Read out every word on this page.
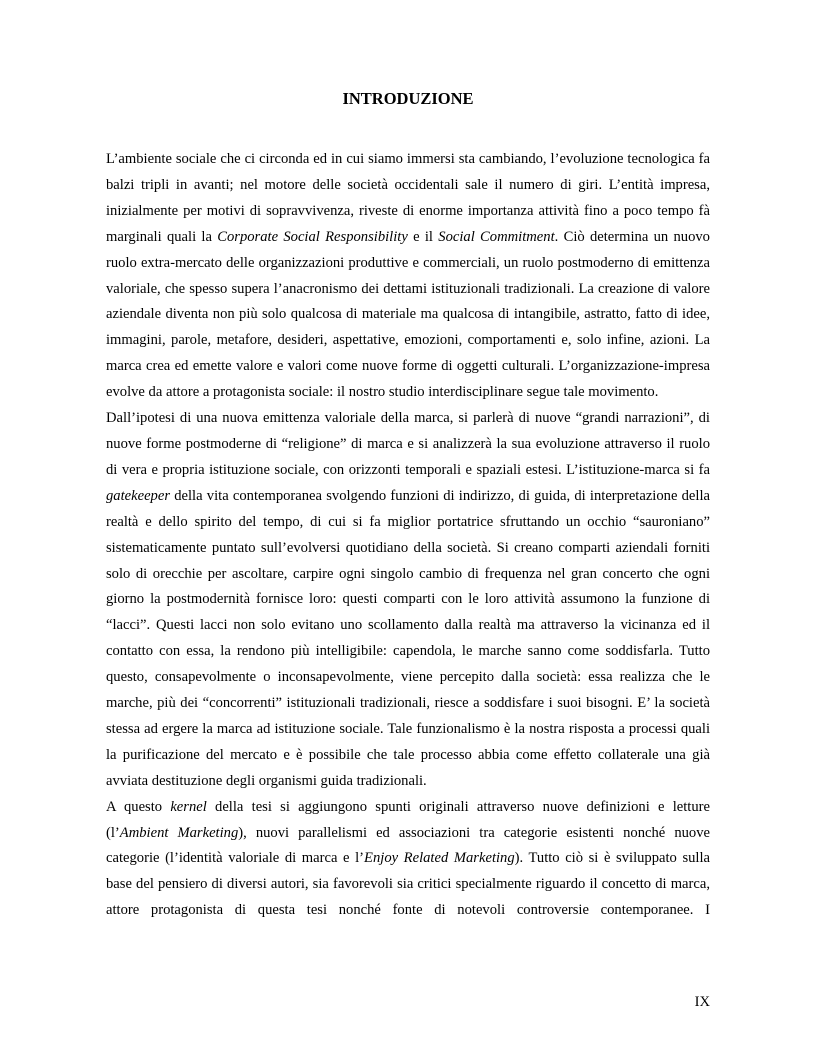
INTRODUZIONE

L’ambiente sociale che ci circonda ed in cui siamo immersi sta cambiando, l’evoluzione tecnologica fa balzi tripli in avanti; nel motore delle società occidentali sale il numero di giri. L’entità impresa, inizialmente per motivi di sopravvivenza, riveste di enorme importanza attività fino a poco tempo fà marginali quali la Corporate Social Responsibility e il Social Commitment. Ciò determina un nuovo ruolo extra-mercato delle organizzazioni produttive e commerciali, un ruolo postmoderno di emittenza valoriale, che spesso supera l’anacronismo dei dettami istituzionali tradizionali. La creazione di valore aziendale diventa non più solo qualcosa di materiale ma qualcosa di intangibile, astratto, fatto di idee, immagini, parole, metafore, desideri, aspettative, emozioni, comportamenti e, solo infine, azioni. La marca crea ed emette valore e valori come nuove forme di oggetti culturali. L’organizzazione-impresa evolve da attore a protagonista sociale: il nostro studio interdisciplinare segue tale movimento.

Dall’ipotesi di una nuova emittenza valoriale della marca, si parlerà di nuove “grandi narrazioni”, di nuove forme postmoderne di “religione” di marca e si analizzerà la sua evoluzione attraverso il ruolo di vera e propria istituzione sociale, con orizzonti temporali e spaziali estesi. L’istituzione-marca si fa gatekeeper della vita contemporanea svolgendo funzioni di indirizzo, di guida, di interpretazione della realtà e dello spirito del tempo, di cui si fa miglior portatrice sfruttando un occhio “sauroniano” sistematicamente puntato sull’evolversi quotidiano della società. Si creano comparti aziendali forniti solo di orecchie per ascoltare, carpire ogni singolo cambio di frequenza nel gran concerto che ogni giorno la postmodernità fornisce loro: questi comparti con le loro attività assumono la funzione di “lacci”. Questi lacci non solo evitano uno scollamento dalla realtà ma attraverso la vicinanza ed il contatto con essa, la rendono più intelligibile: capendola, le marche sanno come soddisfarla. Tutto questo, consapevolmente o inconsapevolmente, viene percepito dalla società: essa realizza che le marche, più dei “concorrenti” istituzionali tradizionali, riesce a soddisfare i suoi bisogni. E’ la società stessa ad ergere la marca ad istituzione sociale. Tale funzionalismo è la nostra risposta a processi quali la purificazione del mercato e è possibile che tale processo abbia come effetto collaterale una già avviata destituzione degli organismi guida tradizionali.

A questo kernel della tesi si aggiungono spunti originali attraverso nuove definizioni e letture (l’Ambient Marketing), nuovi parallelismi ed associazioni tra categorie esistenti nonché nuove categorie (l’identità valoriale di marca e l’Enjoy Related Marketing). Tutto ciò si è sviluppato sulla base del pensiero di diversi autori, sia favorevoli sia critici specialmente riguardo il concetto di marca, attore protagonista di questa tesi nonché fonte di notevoli controversie contemporanee. I

IX
